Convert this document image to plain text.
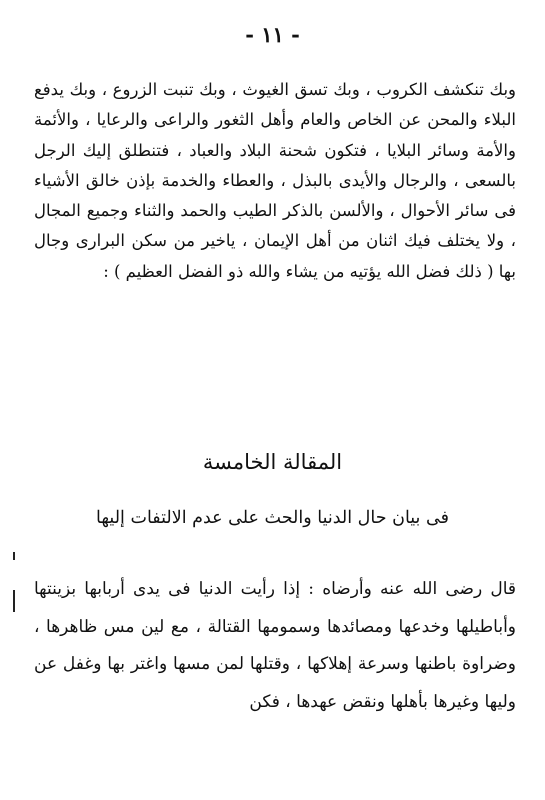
- ١١ -

وبك تنكشف الكروب ، وبك تسق الغيوث ، وبك تنبت الزروع ، وبك يدفع البلاء والمحن عن الخاص والعام وأهل الثغور والراعى والرعايا ، والأئمة والأمة وسائر البلايا ، فتكون شحنة البلاد والعباد ، فتنطلق إليك الرجل بالسعى ، والرجال والأيدى بالبذل ، والعطاء والخدمة بإذن خالق الأشياء فى سائر الأحوال ، والألسن بالذكر الطيب والحمد والثناء وجميع المجال ، ولا يختلف فيك اثنان من أهل الإيمان ، ياخير من سكن البرارى وجال بها ( ذلك فضل الله يؤتيه من يشاء والله ذو الفضل العظيم ) :

المقالة الخامسة
فى بيان حال الدنيا والحث على عدم الالتفات إليها

قال رضى الله عنه وأرضاه : إذا رأيت الدنيا فى يدى أربابها بزينتها وأباطيلها وخدعها ومصائدها وسمومها القتالة ، مع لين مس ظاهرها ، وضراوة باطنها وسرعة إهلاكها ، وقتلها لمن مسها واغتر بها وغفل عن وليها وغيرها بأهلها ونقض عهدها ، فكن
